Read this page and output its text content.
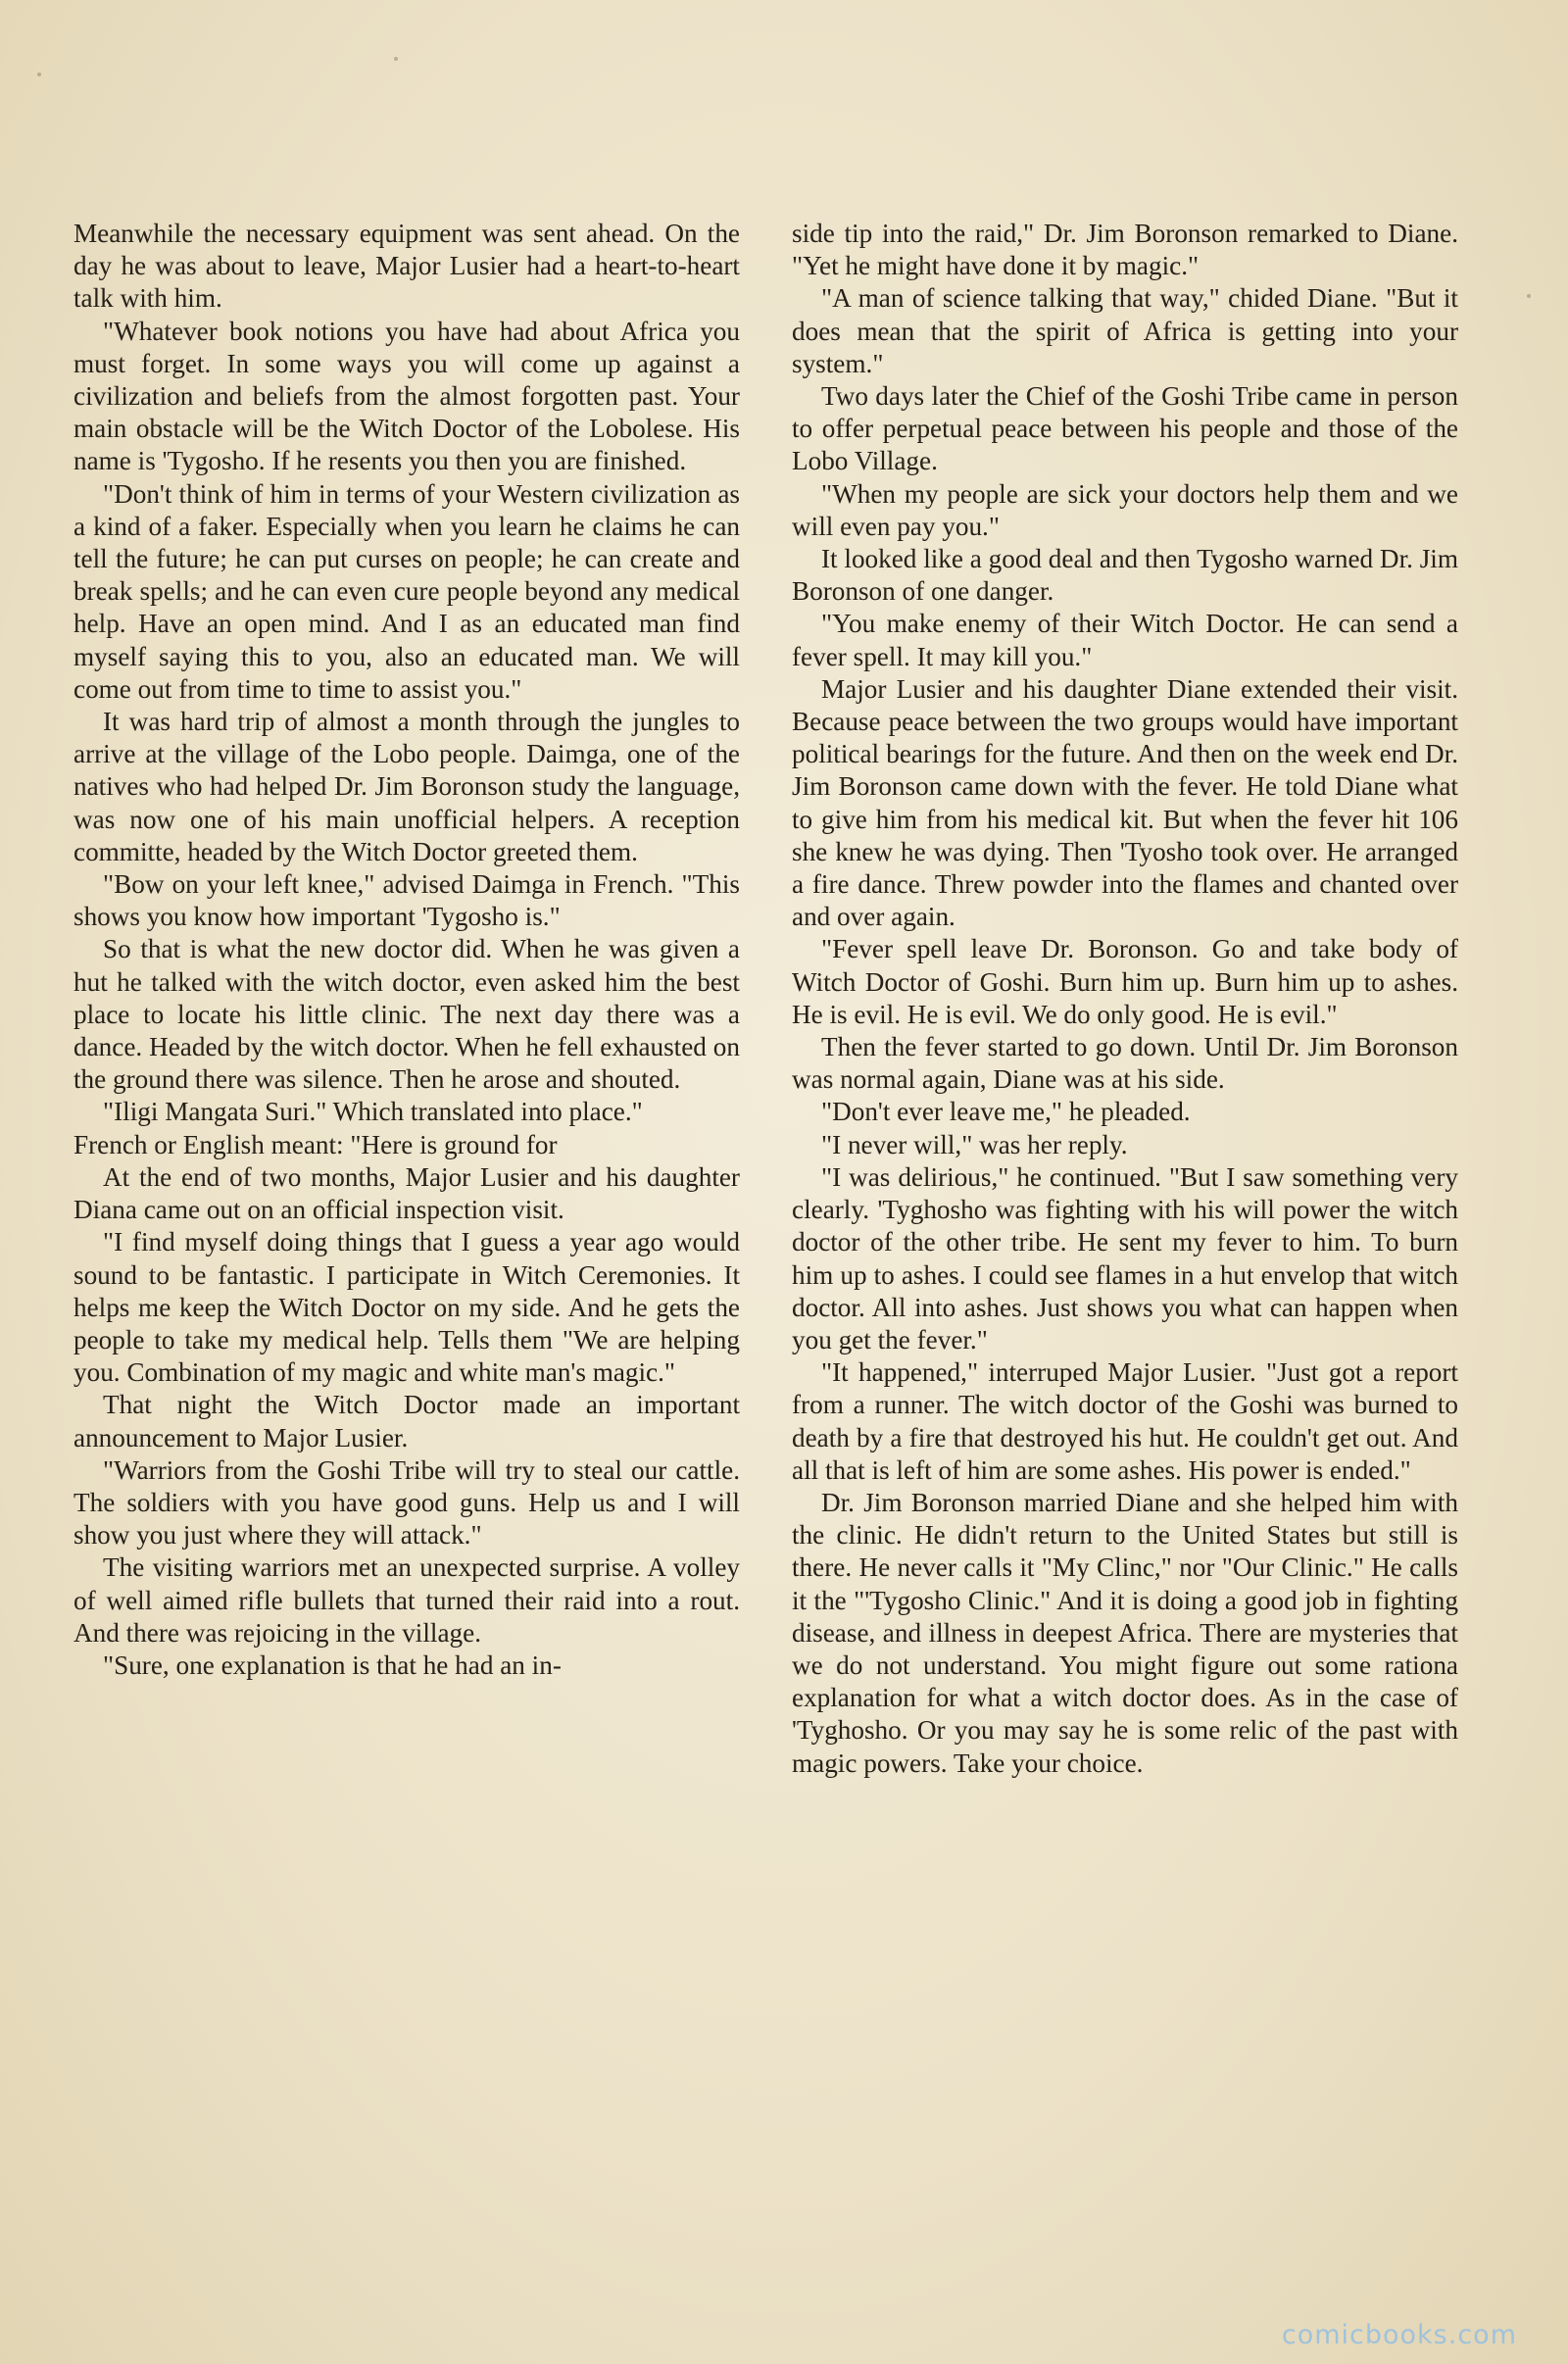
Meanwhile the necessary equipment was sent ahead. On the day he was about to leave, Major Lusier had a heart-to-heart talk with him.

"Whatever book notions you have had about Africa you must forget. In some ways you will come up against a civilization and beliefs from the almost forgotten past. Your main obstacle will be the Witch Doctor of the Lobolese. His name is 'Tygosho. If he resents you then you are finished.

"Don't think of him in terms of your Western civilization as a kind of a faker. Especially when you learn he claims he can tell the future; he can put curses on people; he can create and break spells; and he can even cure people beyond any medical help. Have an open mind. And I as an educated man find myself saying this to you, also an educated man. We will come out from time to time to assist you."

It was hard trip of almost a month through the jungles to arrive at the village of the Lobo people. Daimga, one of the natives who had helped Dr. Jim Boronson study the language, was now one of his main unofficial helpers. A reception committe, headed by the Witch Doctor greeted them.

"Bow on your left knee," advised Daimga in French. "This shows you know how important 'Tygosho is."

So that is what the new doctor did. When he was given a hut he talked with the witch doctor, even asked him the best place to locate his little clinic. The next day there was a dance. Headed by the witch doctor. When he fell exhausted on the ground there was silence. Then he arose and shouted.

"Iligi Mangata Suri." Which translated into place."

French or English meant: "Here is ground for

At the end of two months, Major Lusier and his daughter Diana came out on an official inspection visit.

"I find myself doing things that I guess a year ago would sound to be fantastic. I participate in Witch Ceremonies. It helps me keep the Witch Doctor on my side. And he gets the people to take my medical help. Tells them "We are helping you. Combination of my magic and white man's magic."

That night the Witch Doctor made an important announcement to Major Lusier.

"Warriors from the Goshi Tribe will try to steal our cattle. The soldiers with you have good guns. Help us and I will show you just where they will attack."

The visiting warriors met an unexpected surprise. A volley of well aimed rifle bullets that turned their raid into a rout. And there was rejoicing in the village.

"Sure, one explanation is that he had an in-

side tip into the raid," Dr. Jim Boronson remarked to Diane. "Yet he might have done it by magic."

"A man of science talking that way," chided Diane. "But it does mean that the spirit of Africa is getting into your system."

Two days later the Chief of the Goshi Tribe came in person to offer perpetual peace between his people and those of the Lobo Village.

"When my people are sick your doctors help them and we will even pay you."

It looked like a good deal and then Tygosho warned Dr. Jim Boronson of one danger.

"You make enemy of their Witch Doctor. He can send a fever spell. It may kill you."

Major Lusier and his daughter Diane extended their visit. Because peace between the two groups would have important political bearings for the future. And then on the week end Dr. Jim Boronson came down with the fever. He told Diane what to give him from his medical kit. But when the fever hit 106 she knew he was dying. Then 'Tyosho took over. He arranged a fire dance. Threw powder into the flames and chanted over and over again.

"Fever spell leave Dr. Boronson. Go and take body of Witch Doctor of Goshi. Burn him up. Burn him up to ashes. He is evil. He is evil. We do only good. He is evil."

Then the fever started to go down. Until Dr. Jim Boronson was normal again, Diane was at his side.

"Don't ever leave me," he pleaded.

"I never will," was her reply.

"I was delirious," he continued. "But I saw something very clearly. 'Tyghosho was fighting with his will power the witch doctor of the other tribe. He sent my fever to him. To burn him up to ashes. I could see flames in a hut envelop that witch doctor. All into ashes. Just shows you what can happen when you get the fever."

"It happened," interruped Major Lusier. "Just got a report from a runner. The witch doctor of the Goshi was burned to death by a fire that destroyed his hut. He couldn't get out. And all that is left of him are some ashes. His power is ended."

Dr. Jim Boronson married Diane and she helped him with the clinic. He didn't return to the United States but still is there. He never calls it "My Clinc," nor "Our Clinic." He calls it the "'Tygosho Clinic." And it is doing a good job in fighting disease, and illness in deepest Africa. There are mysteries that we do not understand. You might figure out some rationa explanation for what a witch doctor does. As in the case of 'Tyghosho. Or you may say he is some relic of the past with magic powers. Take your choice.

comicbooks.com
